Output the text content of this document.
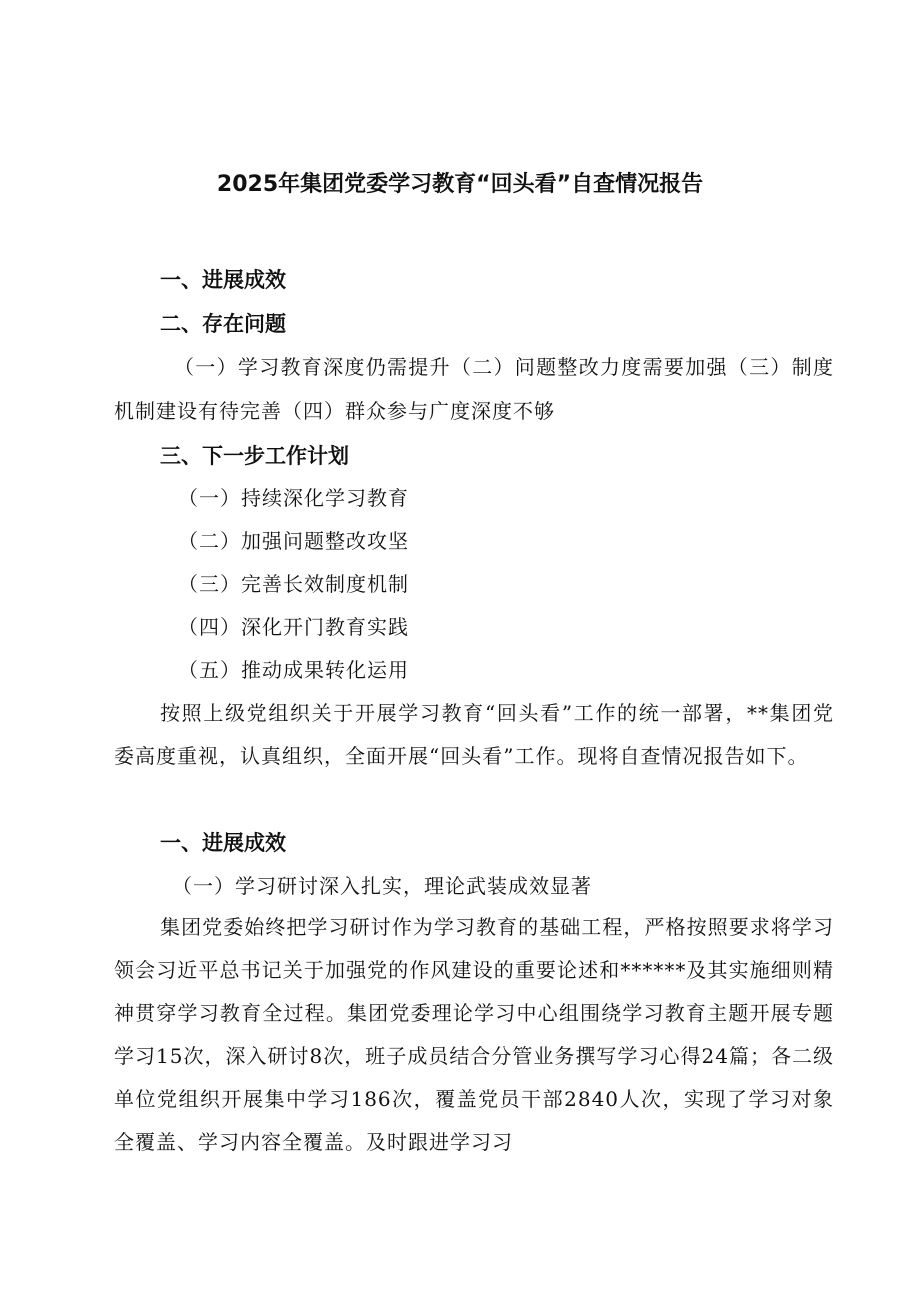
2025年集团党委学习教育“回头看”自查情况报告
一、进展成效
二、存在问题

（一）学习教育深度仍需提升（二）问题整改力度需要加强（三）制度机制建设有待完善（四）群众参与广度深度不够

三、下一步工作计划
（一）持续深化学习教育
（二）加强问题整改攻坚
（三）完善长效制度机制
（四）深化开门教育实践
（五）推动成果转化运用

按照上级党组织关于开展学习教育“回头看”工作的统一部署，**集团党委高度重视，认真组织，全面开展“回头看”工作。现将自查情况报告如下。

一、进展成效
（一）学习研讨深入扎实，理论武装成效显著

集团党委始终把学习研讨作为学习教育的基础工程，严格按照要求将学习领会习近平总书记关于加强党的作风建设的重要论述和******及其实施细则精神贯穿学习教育全过程。集团党委理论学习中心组围绕学习教育主题开展专题学习15次，深入研讨8次，班子成员结合分管业务撰写学习心得24篇；各二级单位党组织开展集中学习186次，覆盖党员干部2840人次，实现了学习对象全覆盖、学习内容全覆盖。及时跟进学习习
